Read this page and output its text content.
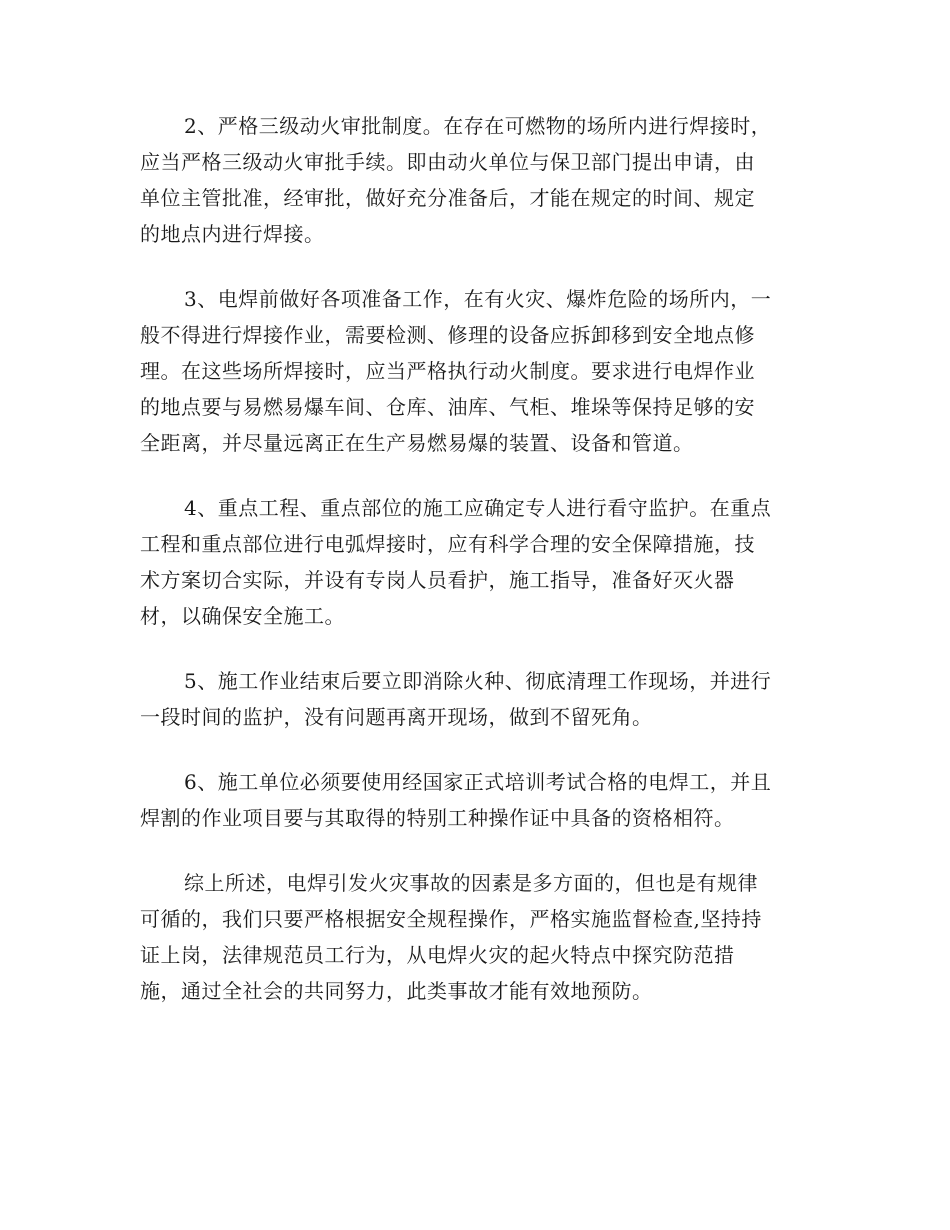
2、严格三级动火审批制度。在存在可燃物的场所内进行焊接时，
应当严格三级动火审批手续。即由动火单位与保卫部门提出申请，由
单位主管批准，经审批，做好充分准备后，才能在规定的时间、规定
的地点内进行焊接。
3、电焊前做好各项准备工作，在有火灾、爆炸危险的场所内，一
般不得进行焊接作业，需要检测、修理的设备应拆卸移到安全地点修
理。在这些场所焊接时，应当严格执行动火制度。要求进行电焊作业
的地点要与易燃易爆车间、仓库、油库、气柜、堆垛等保持足够的安
全距离，并尽量远离正在生产易燃易爆的装置、设备和管道。
4、重点工程、重点部位的施工应确定专人进行看守监护。在重点
工程和重点部位进行电弧焊接时，应有科学合理的安全保障措施，技
术方案切合实际，并设有专岗人员看护，施工指导，准备好灭火器
材，以确保安全施工。
5、施工作业结束后要立即消除火种、彻底清理工作现场，并进行
一段时间的监护，没有问题再离开现场，做到不留死角。
6、施工单位必须要使用经国家正式培训考试合格的电焊工，并且
焊割的作业项目要与其取得的特别工种操作证中具备的资格相符。
综上所述，电焊引发火灾事故的因素是多方面的，但也是有规律
可循的，我们只要严格根据安全规程操作，严格实施监督检查,坚持持
证上岗，法律规范员工行为，从电焊火灾的起火特点中探究防范措
施，通过全社会的共同努力，此类事故才能有效地预防。
